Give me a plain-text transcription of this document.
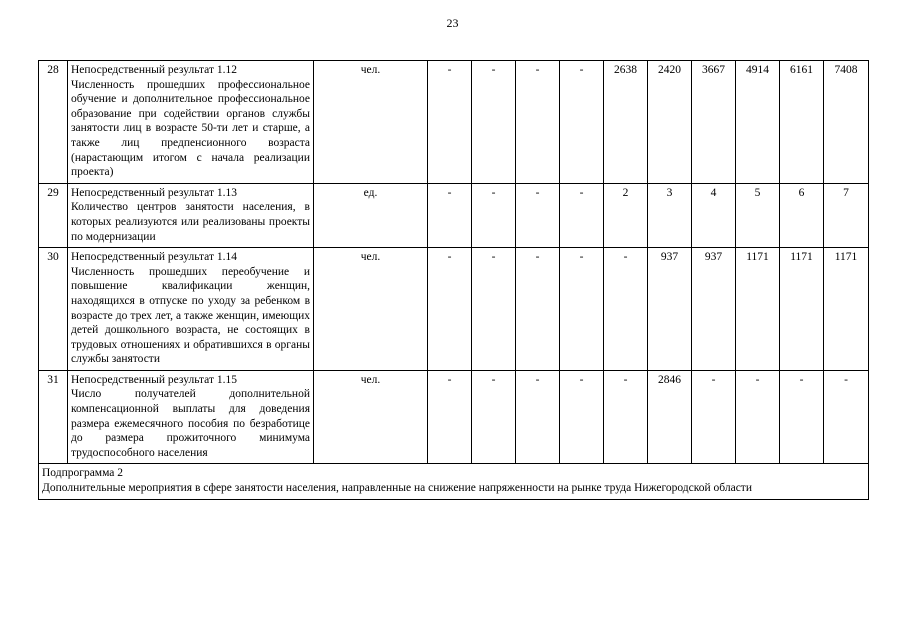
23
28	Непосредственный результат 1.12
Численность прошедших профессиональное обучение и дополнительное профессиональное образование при содействии органов службы занятости лиц в возрасте 50-ти лет и старше, а также лиц предпенсионного возраста (нарастающим итогом с начала реализации проекта)	чел.	-	-	-	-	2638	2420	3667	4914	6161	7408
29	Непосредственный результат 1.13
Количество центров занятости населения, в которых реализуются или реализованы проекты по модернизации	ед.	-	-	-	-	2	3	4	5	6	7
30	Непосредственный результат 1.14
Численность прошедших переобучение и повышение квалификации женщин, находящихся в отпуске по уходу за ребенком в возрасте до трех лет, а также женщин, имеющих детей дошкольного возраста, не состоящих в трудовых отношениях и обратившихся в органы службы занятости	чел.	-	-	-	-	-	937	937	1171	1171	1171
31	Непосредственный результат 1.15
Число получателей дополнительной компенсационной выплаты для доведения размера ежемесячного пособия по безработице до размера прожиточного минимума трудоспособного населения	чел.	-	-	-	-	-	2846	-	-	-	-

Подпрограмма 2
Дополнительные мероприятия в сфере занятости населения, направленные на снижение напряженности на рынке труда Нижегородской области												
